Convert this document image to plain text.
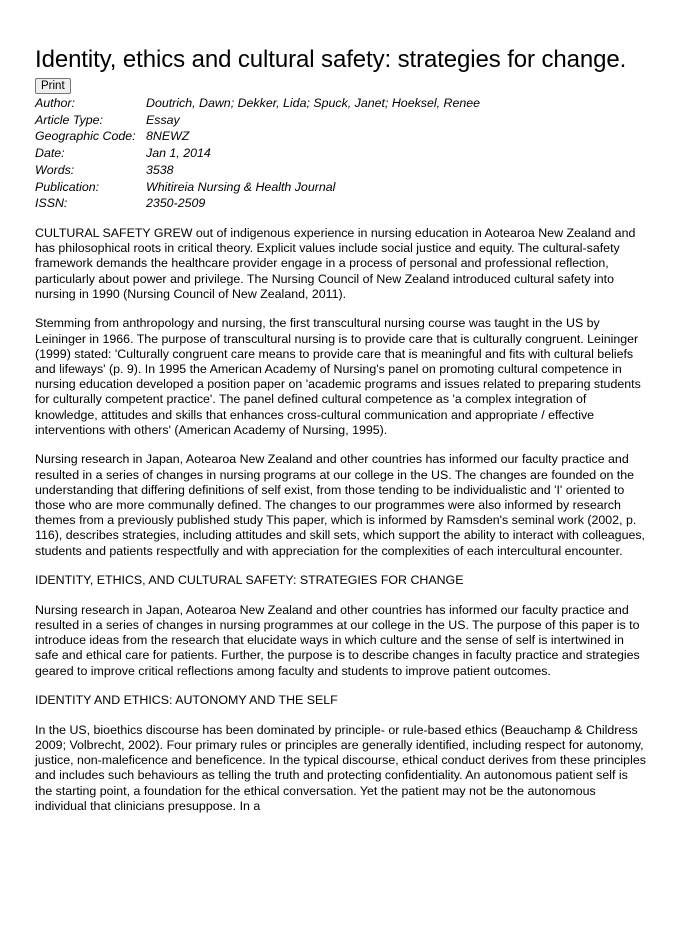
Identity, ethics and cultural safety: strategies for change.
Print
Author:	Doutrich, Dawn; Dekker, Lida; Spuck, Janet; Hoeksel, Renee
Article Type:	Essay
Geographic Code:	8NEWZ
Date:	Jan 1, 2014
Words:	3538
Publication:	Whitireia Nursing & Health Journal
ISSN:	2350-2509

CULTURAL SAFETY GREW out of indigenous experience in nursing education in Aotearoa New Zealand and has philosophical roots in critical theory. Explicit values include social justice and equity. The cultural-safety framework demands the healthcare provider engage in a process of personal and professional reflection, particularly about power and privilege. The Nursing Council of New Zealand introduced cultural safety into nursing in 1990 (Nursing Council of New Zealand, 2011).

Stemming from anthropology and nursing, the first transcultural nursing course was taught in the US by Leininger in 1966. The purpose of transcultural nursing is to provide care that is culturally congruent. Leininger (1999) stated: 'Culturally congruent care means to provide care that is meaningful and fits with cultural beliefs and lifeways' (p. 9). In 1995 the American Academy of Nursing's panel on promoting cultural competence in nursing education developed a position paper on 'academic programs and issues related to preparing students for culturally competent practice'. The panel defined cultural competence as 'a complex integration of knowledge, attitudes and skills that enhances cross-cultural communication and appropriate / effective interventions with others' (American Academy of Nursing, 1995).

Nursing research in Japan, Aotearoa New Zealand and other countries has informed our faculty practice and resulted in a series of changes in nursing programs at our college in the US. The changes are founded on the understanding that differing definitions of self exist, from those tending to be individualistic and 'I' oriented to those who are more communally defined. The changes to our programmes were also informed by research themes from a previously published study This paper, which is informed by Ramsden's seminal work (2002, p. 116), describes strategies, including attitudes and skill sets, which support the ability to interact with colleagues, students and patients respectfully and with appreciation for the complexities of each intercultural encounter.

IDENTITY, ETHICS, AND CULTURAL SAFETY: STRATEGIES FOR CHANGE

Nursing research in Japan, Aotearoa New Zealand and other countries has informed our faculty practice and resulted in a series of changes in nursing programmes at our college in the US. The purpose of this paper is to introduce ideas from the research that elucidate ways in which culture and the sense of self is intertwined in safe and ethical care for patients. Further, the purpose is to describe changes in faculty practice and strategies geared to improve critical reflections among faculty and students to improve patient outcomes.

IDENTITY AND ETHICS: AUTONOMY AND THE SELF

In the US, bioethics discourse has been dominated by principle- or rule-based ethics (Beauchamp & Childress 2009; Volbrecht, 2002). Four primary rules or principles are generally identified, including respect for autonomy, justice, non-maleficence and beneficence. In the typical discourse, ethical conduct derives from these principles and includes such behaviours as telling the truth and protecting confidentiality. An autonomous patient self is the starting point, a foundation for the ethical conversation. Yet the patient may not be the autonomous individual that clinicians presuppose. In a
